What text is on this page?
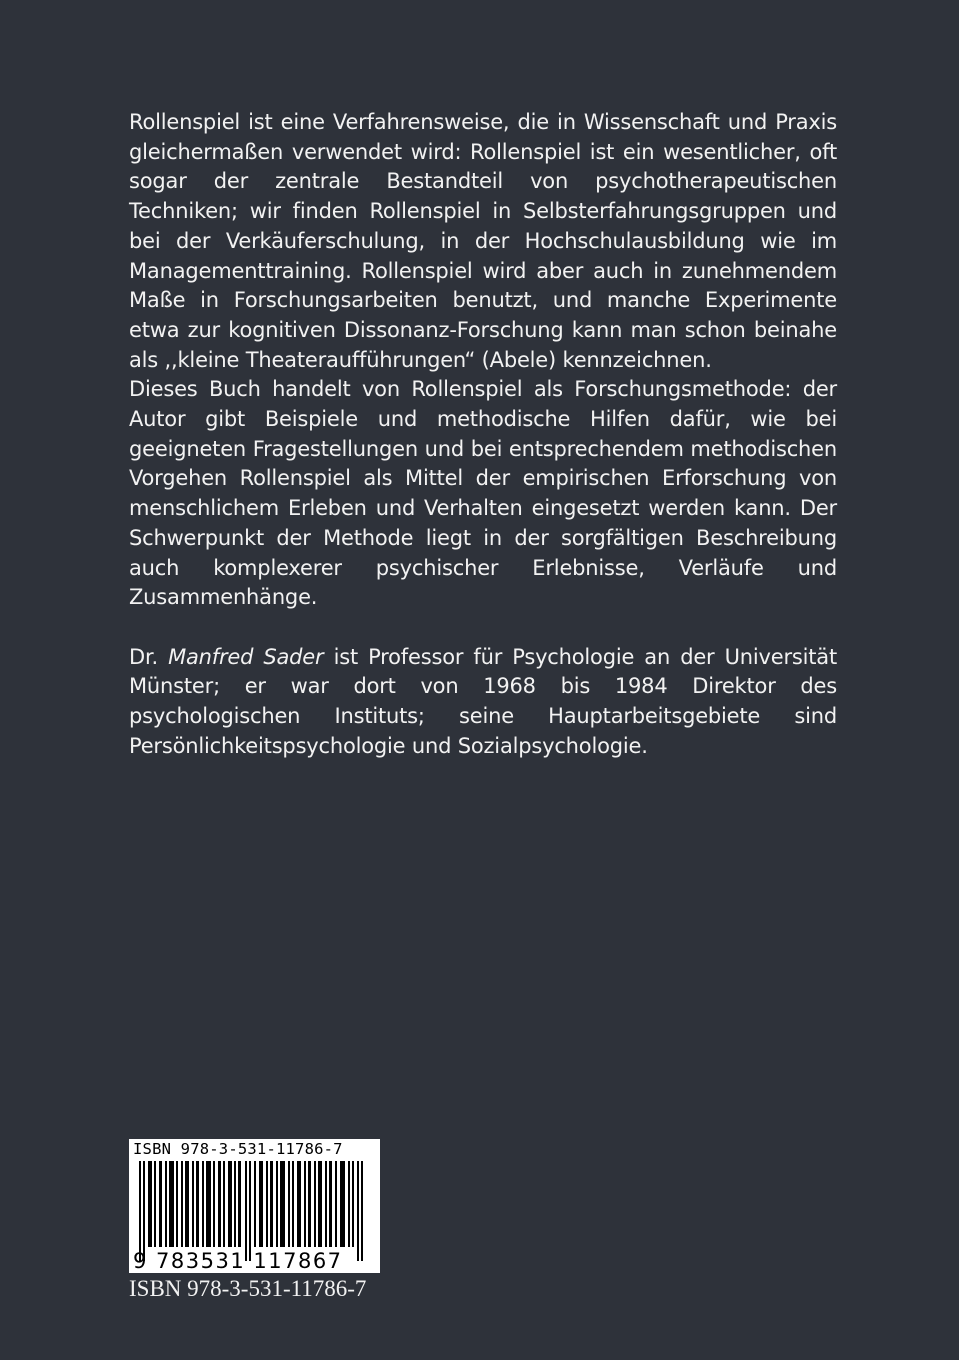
Rollenspiel ist eine Verfahrensweise, die in Wissenschaft und Praxis gleichermaßen verwendet wird: Rollenspiel ist ein wesentlicher, oft sogar der zentrale Bestandteil von psychotherapeutischen Techniken; wir finden Rollenspiel in Selbsterfahrungsgruppen und bei der Verkäuferschulung, in der Hochschulausbildung wie im Managementtraining. Rollenspiel wird aber auch in zunehmendem Maße in Forschungsarbeiten benutzt, und manche Experimente etwa zur kognitiven Dissonanz-Forschung kann man schon beinahe als ,,kleine Theateraufführungen“ (Abele) kennzeichnen.

Dieses Buch handelt von Rollenspiel als Forschungsmethode: der Autor gibt Beispiele und methodische Hilfen dafür, wie bei geeigneten Fragestellungen und bei entsprechendem methodischen Vorgehen Rollenspiel als Mittel der empirischen Erforschung von menschlichem Erleben und Verhalten eingesetzt werden kann. Der Schwerpunkt der Methode liegt in der sorgfältigen Beschreibung auch komplexerer psychischer Erlebnisse, Verläufe und Zusammenhänge.

Dr. Manfred Sader ist Professor für Psychologie an der Universität Münster; er war dort von 1968 bis 1984 Direktor des psychologischen Instituts; seine Hauptarbeitsgebiete sind Persönlichkeitspsychologie und Sozialpsychologie.

ISBN 978-3-531-11786-7
9 783531 117867
ISBN 978-3-531-11786-7
